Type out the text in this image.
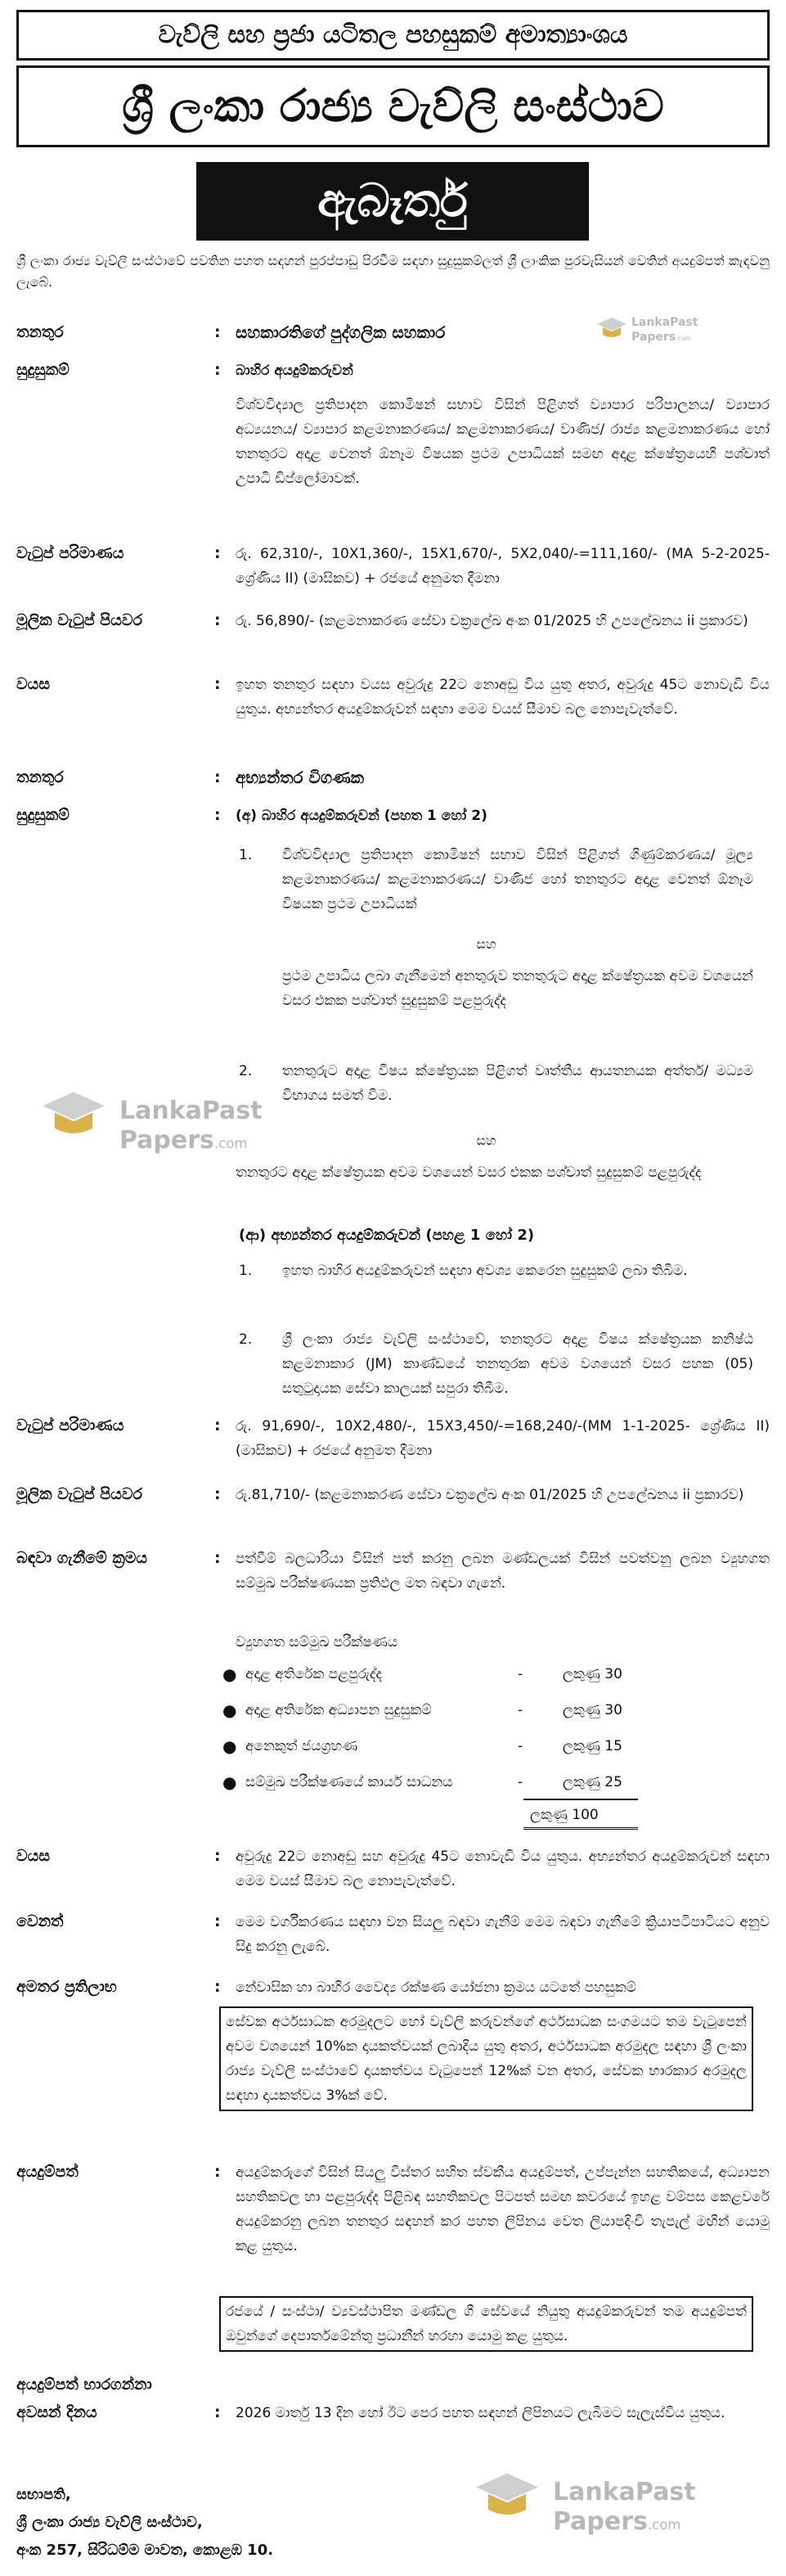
වැව්ලි සහ ප්‍රජා යටිතල පහසුකම් අමාත්‍යාංශය
ශ්‍රී ලංකා රාජ්‍ය වැව්ලි සංස්ථාව
ඇබෑර්තු
ශ්‍රී ලංකා රාජ්‍ය වැව්ලි සංස්ථාවේ පවතින පහත සඳහන් පුරප්පාඩු පිරවීම සඳහා සුදුසුකම්ලත් ශ්‍රී ලාංකික පුරවැසියන් වෙතින් අයදුම්පත් කැඳවනු ලැබේ.
LankaPast
Papers.com
තනතුර	: සහකාරතිගේ පුද්ගලික සහකාර
සුදුසුකම්	: බාහිර අයදුම්කරුවන්
විශ්වවිද්‍යාල ප්‍රතිපාදන කොමිෂන් සභාව විසින් පිළිගත් ව්‍යාපාර පරිපාලනය/ ව්‍යාපාර අධ්‍යයනය/ ව්‍යාපාර කළමනාකරණය/ කළමනාකරණය/ වාණිජ/ රාජ්‍ය කළමනාකරණය හෝ තනතුරට අදාළ වෙනත් ඕනෑම විෂයක ප්‍රථම උපාධියක් සමඟ අදාළ ක්ෂේත්‍රයෙහි පශ්චාත් උපාධි ඩිප්ලෝමාවක්.
වැටුප් පරිමාණය	: රු. 62,310/-, 10X1,360/-, 15X1,670/-, 5X2,040/-=111,160/- (MA 5-2-2025- ශ්‍රේණිය II) (මාසිකව) + රජයේ අනුමත දීමනා
මූලික වැටුප් පියවර	: රු. 56,890/- (කළමනාකරණ සේවා චක්‍රලේඛ අංක 01/2025 හි උපලේඛනය ii ප්‍රකාරව)
වයස	: ඉහත තනතුර සඳහා වයස අවුරුදු 22ට නොඅඩු විය යුතු අතර, අවුරුදු 45ට නොවැඩි විය යුතුය. අභ්‍යන්තර අයදුම්කරුවන් සඳහා මෙම වයස් සීමාව බල නොපැවැත්වේ.
තනතුර	: අභ්‍යන්තර විගණක
සුදුසුකම්	: (අ) බාහිර අයදුම්කරුවන් (පහත 1 හෝ 2)
1. විශ්වවිද්‍යාල ප්‍රතිපාදන කොමිෂන් සභාව විසින් පිළිගත් ගිණුම්කරණය/ මූල්‍ය කළමනාකරණය/ කළමනාකරණය/ වාණිජ හෝ තනතුරට අදාළ වෙනත් ඕනෑම විෂයක ප්‍රථම උපාධියක්
සහ
ප්‍රථම උපාධිය ලබා ගැනීමෙන් අනතුරුව තනතුරුට අදාළ ක්ෂේත්‍රයක අවම වශයෙන් වසර එකක පශ්චාත් සුදුසුකම් පළපුරුද්ද
2. තනතුරුට අදාළ විෂය ක්ෂේත්‍රයක පිළිගත් වෘත්තීය ආයතනයක අත්තර්/ මධ්‍යම විභාගය සමත් වීම.
LankaPast
Papers.com	සහ
තනතුරට අදාළ ක්ෂේත්‍රයක අවම වශයෙන් වසර එකක පශ්චාත් සුදුසුකම් පළපුරුද්ද
(ආ) අභ්‍යන්තර අයදුම්කරුවන් (පහළ 1 හෝ 2)
1. ඉහත බාහිර අයදුම්කරුවන් සඳහා අවශ්‍ය කෙරෙන සුදුසුකම් ලබා තිබීම.
2. ශ්‍රී ලංකා රාජ්‍ය වැව්ලි සංස්ථාවේ, තනතුරට අදාළ විෂය ක්ෂේත්‍රයක කනිෂ්ඨ කළමනාකාර (JM) කාණ්ඩයේ තනතුරක අවම වශයෙන් වසර පහක (05) සතුටුදායක සේවා කාලයක් සපුරා තිබීම.
වැටුප් පරිමාණය	: රු. 91,690/-, 10X2,480/-, 15X3,450/-=168,240/-(MM 1-1-2025- ශ්‍රේණිය II) (මාසිකව) + රජයේ අනුමත දීමනා
මූලික වැටුප් පියවර	: රු.81,710/- (කළමනාකරණ සේවා චක්‍රලේඛ අංක 01/2025 හි උපලේඛනය ii ප්‍රකාරව)
බඳවා ගැනීමේ ක්‍රමය	: පත්වීම් බලධාරියා විසින් පත් කරනු ලබන මණ්ඩලයක් විසින් පවත්වනු ලබන ව්‍යුහගත සම්මුඛ පරීක්ෂණයක ප්‍රතිඵල මත බඳවා ගැනේ.
ව්‍යුහගත සම්මුඛ පරීක්ෂණය
● අදාළ අතිරේක පළපුරුද්ද	-	ලකුණු 30
● අදාළ අතිරේක අධ්‍යාපන සුදුසුකම්	-	ලකුණු 30
● අනෙකුත් ජයග්‍රහණ	-	ලකුණු 15
● සම්මුඛ පරීක්ෂණයේ කාර්ය සාධනය	-	ලකුණු 25
ලකුණු 100
වයස	: අවුරුදු 22ට නොඅඩු සහ අවුරුදු 45ට නොවැඩි විය යුතුය. අභ්‍යන්තර අයදුම්කරුවන් සඳහා මෙම වයස් සීමාව බල නොපැවැත්වේ.
වෙනත්	: මෙම වර්ගීකරණය සඳහා වන සියලු බඳවා ගැනීම් මෙම බඳවා ගැනීමේ ක්‍රියාපටිපාටියට අනුව සිදු කරනු ලැබේ.
අමතර ප්‍රතිලාභ	: නේවාසික හා බාහිර වෛද්‍ය රක්ෂණ යෝජනා ක්‍රමය යටතේ පහසුකම්
සේවක අර්ථසාධක අරමුදලට හෝ වැව්ලි කරුවන්ගේ අර්ථසාධක සංගමයට තම වැටුපෙන් අවම වශයෙන් 10%ක දායකත්වයක් ලබාදිය යුතු අතර, අර්ථසාධක අරමුදල සඳහා ශ්‍රී ලංකා රාජ්‍ය වැව්ලි සංස්ථාවේ දායකත්වය වැටුපෙන් 12%ක් වන අතර, සේවක භාරකාර අරමුදල සඳහා දායකත්වය 3%ක් වේ.
අයදුම්පත්	: අයදුම්කරුගේ විසින් සියලු විස්තර සහිත ස්වකීය අයදුම්පත්, උප්පැන්න සහතිකයේ, අධ්‍යාපන සහතිකවල හා පළපුරුද්ද පිළිබඳ සහතිකවල පිටපත් සමඟ කවරයේ ඉහළ වම්පස කෙළවරේ අයදුම්කරනු ලබන තනතුර සඳහන් කර පහත ලිපිනය වෙත ලියාපදිංචි තැපැල් මඟින් යොමු කළ යුතුය.
රජයේ / සංස්ථා/ ව්‍යවස්ථාපිත මණ්ඩල ගී සේවයේ නියුතු අයදුම්කරුවන් තම අයදුම්පත් ඔවුන්ගේ දෙපාර්තමේන්තු ප්‍රධානීන් හරහා යොමු කළ යුතුය.
අයදුම්පත් භාරගන්නා
අවසන් දිනය	: 2026 මාර්තු 13 දින හෝ ඊට පෙර පහත සඳහන් ලිපිනයට ලැබීමට සැලැස්විය යුතුය.
සභාපති,
ශ්‍රී ලංකා රාජ්‍ය වැව්ලි සංස්ථාව,
අංක 257, සිරිධම්ම මාවත, කොළඹ 10.
LankaPast
Papers.com
